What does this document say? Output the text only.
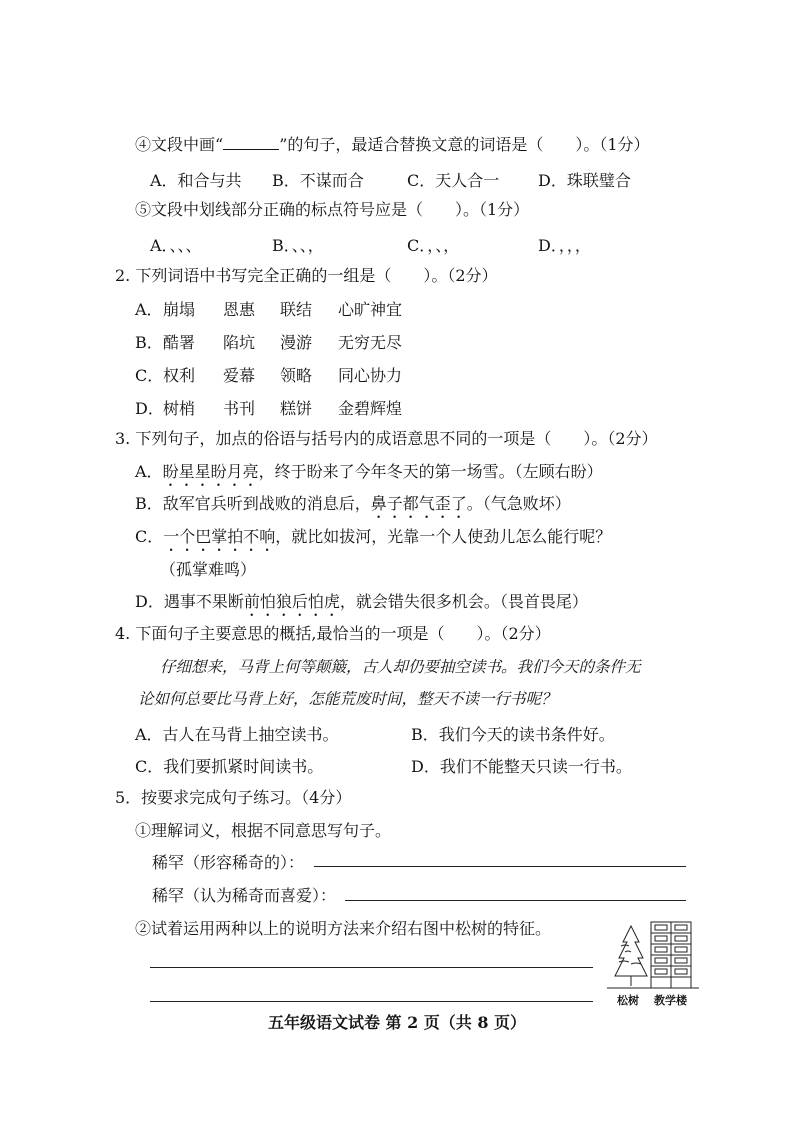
④文段中画“	”的句子，最适合替换文意的词语是（　　）。（1分）
A．和合与共 B．不谋而合	C．天人合一 D．珠联璧合
⑤文段中划线部分正确的标点符号应是（　　）。（1分）
A．、、、	B．、、，	C．，、，	D．，，，
2. 下列词语中书写完全正确的一组是（　　）。（2分）
A． 崩塌 恩惠 联结 心旷神宜
B． 酷署 陷坑 漫游 无穷无尽
C． 权利 爱幕 领略 同心协力
D． 树梢 书刊 糕饼 金碧辉煌
3. 下列句子，加点的俗语与括号内的成语意思不同的一项是（　　）。（2分）
A．盼星星盼月亮，终于盼来了今年冬天的第一场雪。（左顾右盼）
B．敌军官兵听到战败的消息后，鼻子都气歪了。（气急败坏）
C．一个巴掌拍不响，就比如拔河，光靠一个人使劲儿怎么能行呢？
（孤掌难鸣）
D．遇事不果断前怕狼后怕虎，就会错失很多机会。（畏首畏尾）
4. 下面句子主要意思的概括,最恰当的一项是（　　）。（2分）
仔细想来，马背上何等颠簸，古人却仍要抽空读书。我们今天的条件无
论如何总要比马背上好，怎能荒废时间，整天不读一行书呢？
A．古人在马背上抽空读书。	B．我们今天的读书条件好。
C．我们要抓紧时间读书。	D．我们不能整天只读一行书。
5．按要求完成句子练习。（4分）
①理解词义，根据不同意思写句子。
稀罕（形容稀奇的）：
稀罕（认为稀奇而喜爱）：
②试着运用两种以上的说明方法来介绍右图中松树的特征。
松树 教学楼
五年级语文试卷 第 2 页（共 8 页）
